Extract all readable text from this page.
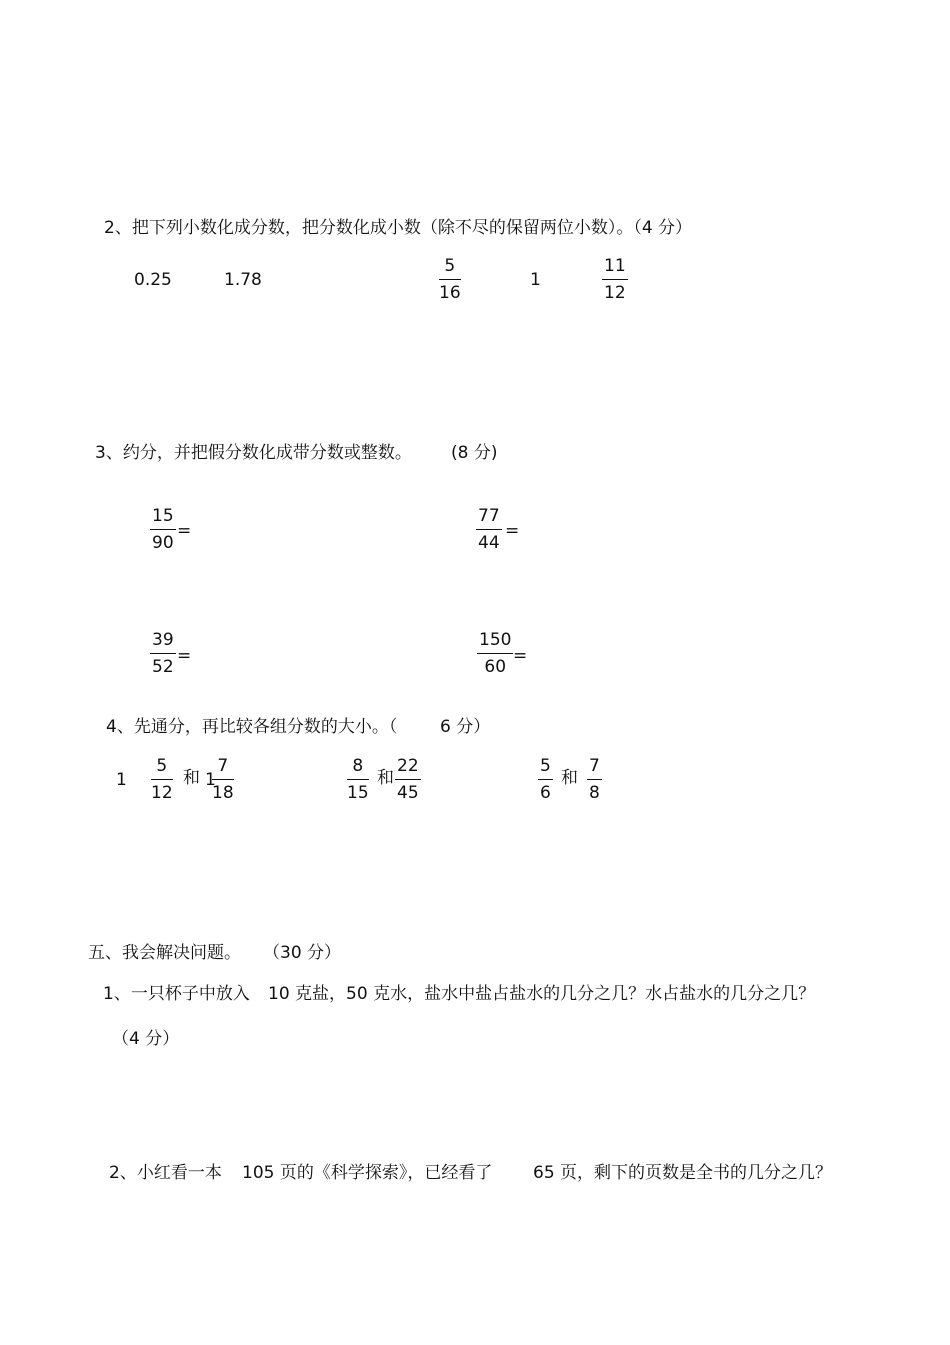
2、把下列小数化成分数，把分数化成小数（除不尽的保留两位小数）。（4 分）
0.25	1.78	$\frac{5}{16}$	1	$\frac{11}{12}$
3、约分，并把假分数化成带分数或整数。 (8 分)
$\frac{15}{90}$ =	$\frac{77}{44}$ =
$\frac{39}{52}$ =	$\frac{150}{60}$ =
4、先通分，再比较各组分数的大小。（	6 分）
$1 \frac{5}{12}$ 和 1
$\frac{7}{18}$	$\frac{8}{15}$ 和 $\frac{22}{45}$	$\frac{5}{6}$ 和 $\frac{7}{8}$
五、我会解决问题。 （30 分）
1、一只杯子中放入 10 克盐，50 克水，盐水中盐占盐水的几分之几？水占盐水的几分之几？
（4 分）
2、小红看一本 105 页的《科学探索》，已经看了 65 页，剩下的页数是全书的几分之几？
